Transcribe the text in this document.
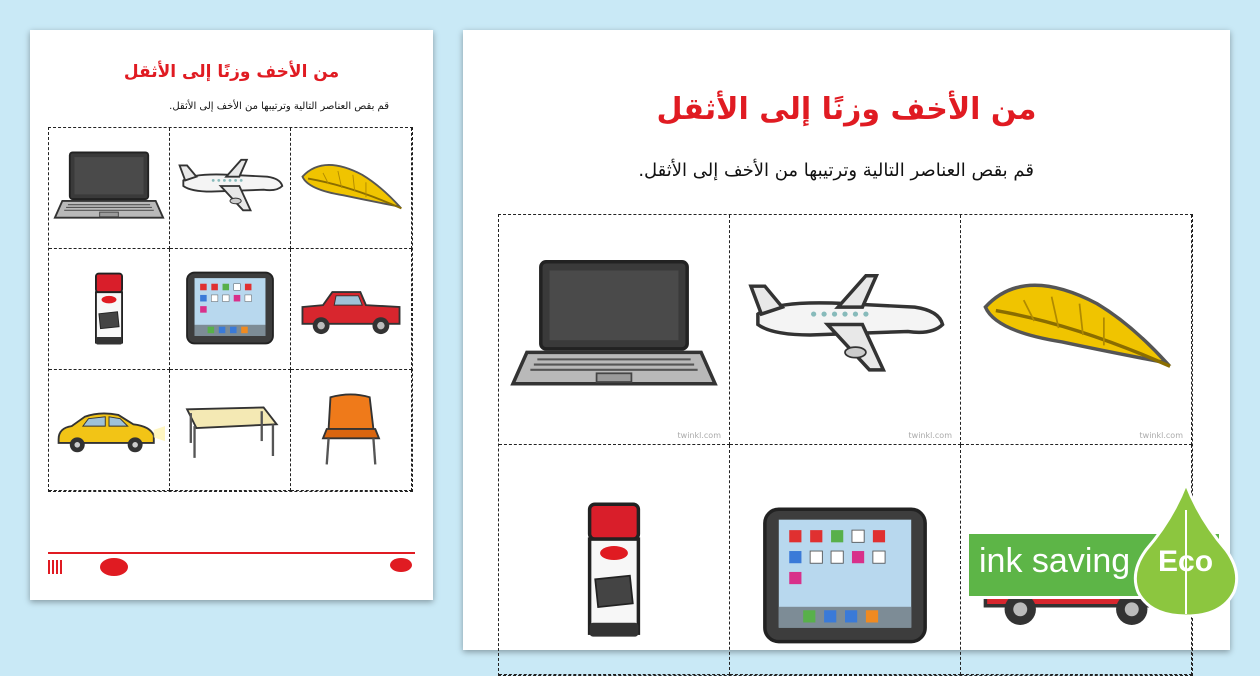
من الأخف وزنًا إلى الأثقل
قم بقص العناصر التالية وترتيبها من الأخف إلى الأثقل.	من الأخف وزنًا إلى الأثقل
قم بقص العناصر التالية وترتيبها من الأخف إلى الأثقل.
twinkl.com	twinkl.com	twinkl.com
ink saving Eco
